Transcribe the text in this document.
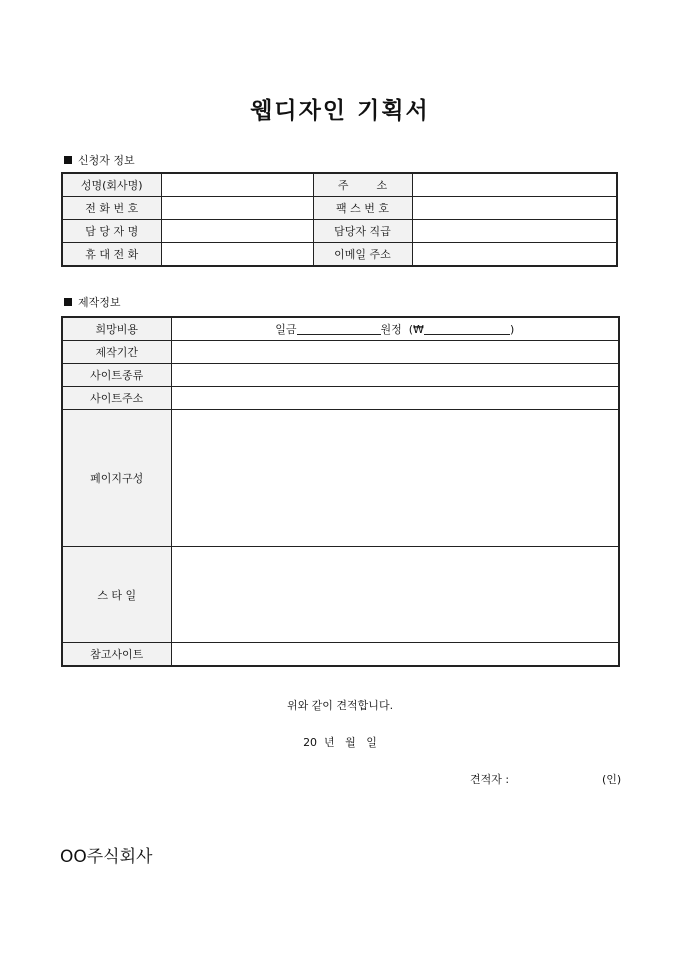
웹디자인 기획서
신청자 정보
성명(회사명)		주        소	
전 화 번 호		팩 스 번 호	
담 당 자 명		담당자 직급	
휴 대 전 화		이메일 주소	
제작정보
희망비용	일금 원정  (₩ )
제작기간	
사이트종류	
사이트주소	
페이지구성	
스 타 일	
참고사이트	
위와 같이 견적합니다.
20  년   월   일
견적자 :	(인)
OO주식회사
